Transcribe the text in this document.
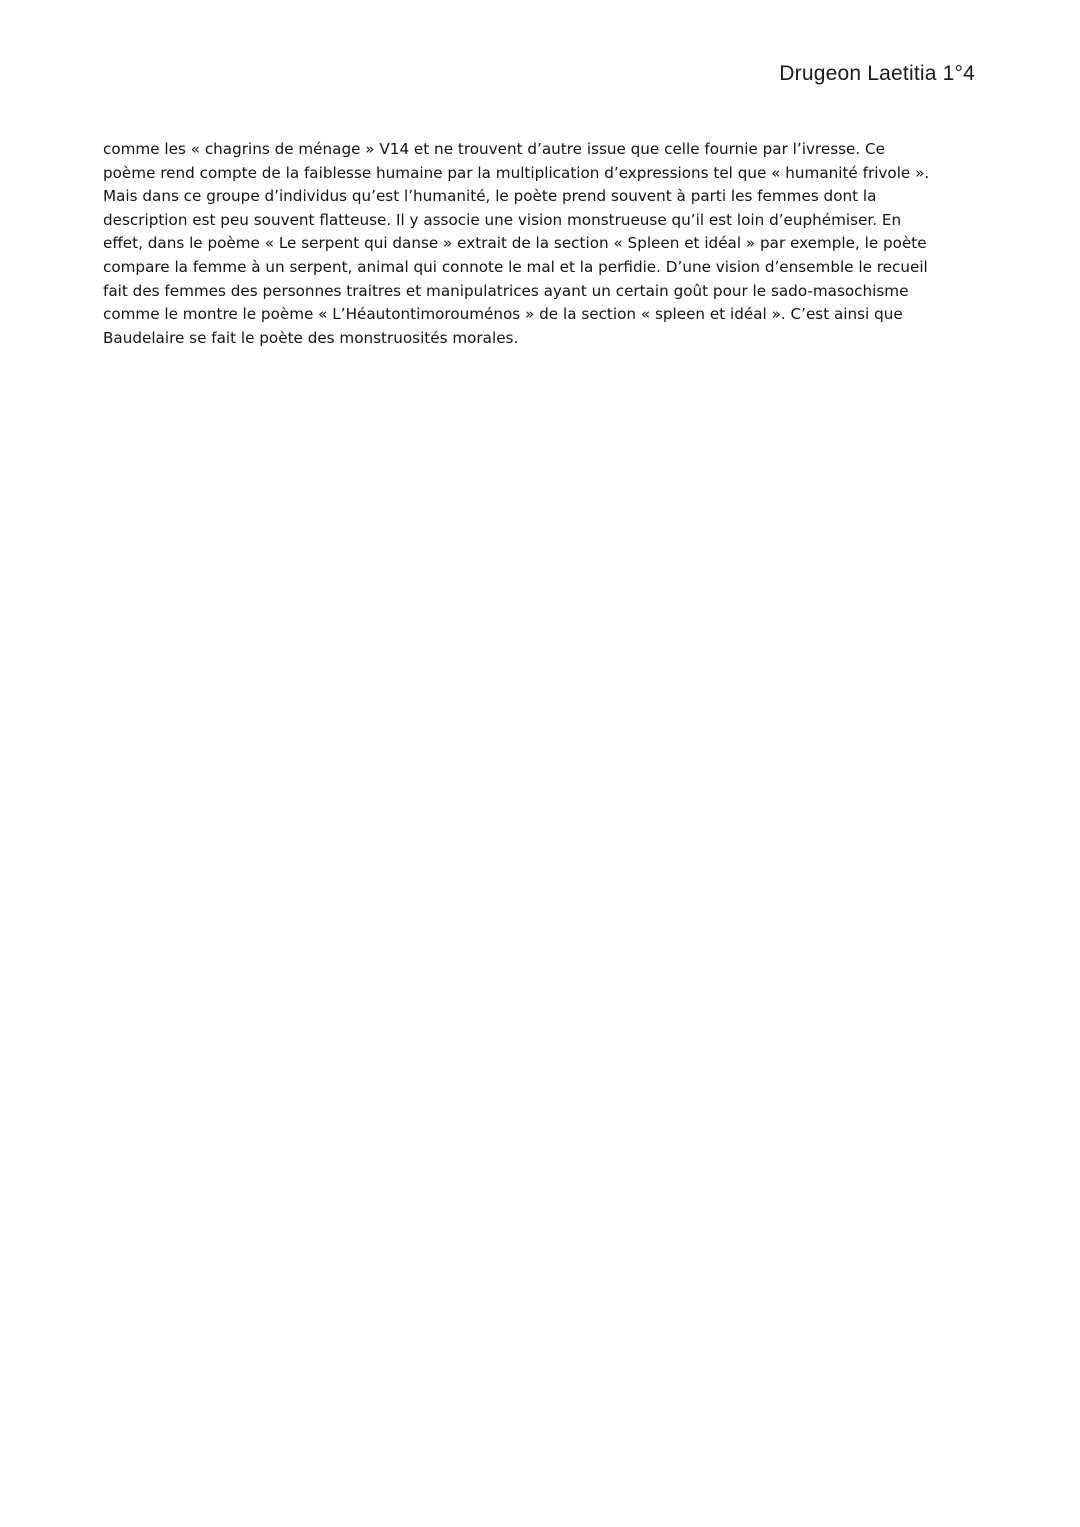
Drugeon Laetitia 1°4
comme les « chagrins de ménage » V14 et ne trouvent d’autre issue que celle fournie par l’ivresse. Ce
poème rend compte de la faiblesse humaine par la multiplication d’expressions tel que « humanité frivole ».
Mais dans ce groupe d’individus qu’est l’humanité, le poète prend souvent à parti les femmes dont la
description est peu souvent flatteuse. Il y associe une vision monstrueuse qu’il est loin d’euphémiser. En
effet, dans le poème « Le serpent qui danse » extrait de la section « Spleen et idéal » par exemple, le poète
compare la femme à un serpent, animal qui connote le mal et la perfidie. D’une vision d’ensemble le recueil
fait des femmes des personnes traitres et manipulatrices ayant un certain goût pour le sado-masochisme
comme le montre le poème « L’Héautontimorouménos » de la section « spleen et idéal ». C’est ainsi que
Baudelaire se fait le poète des monstruosités morales.
